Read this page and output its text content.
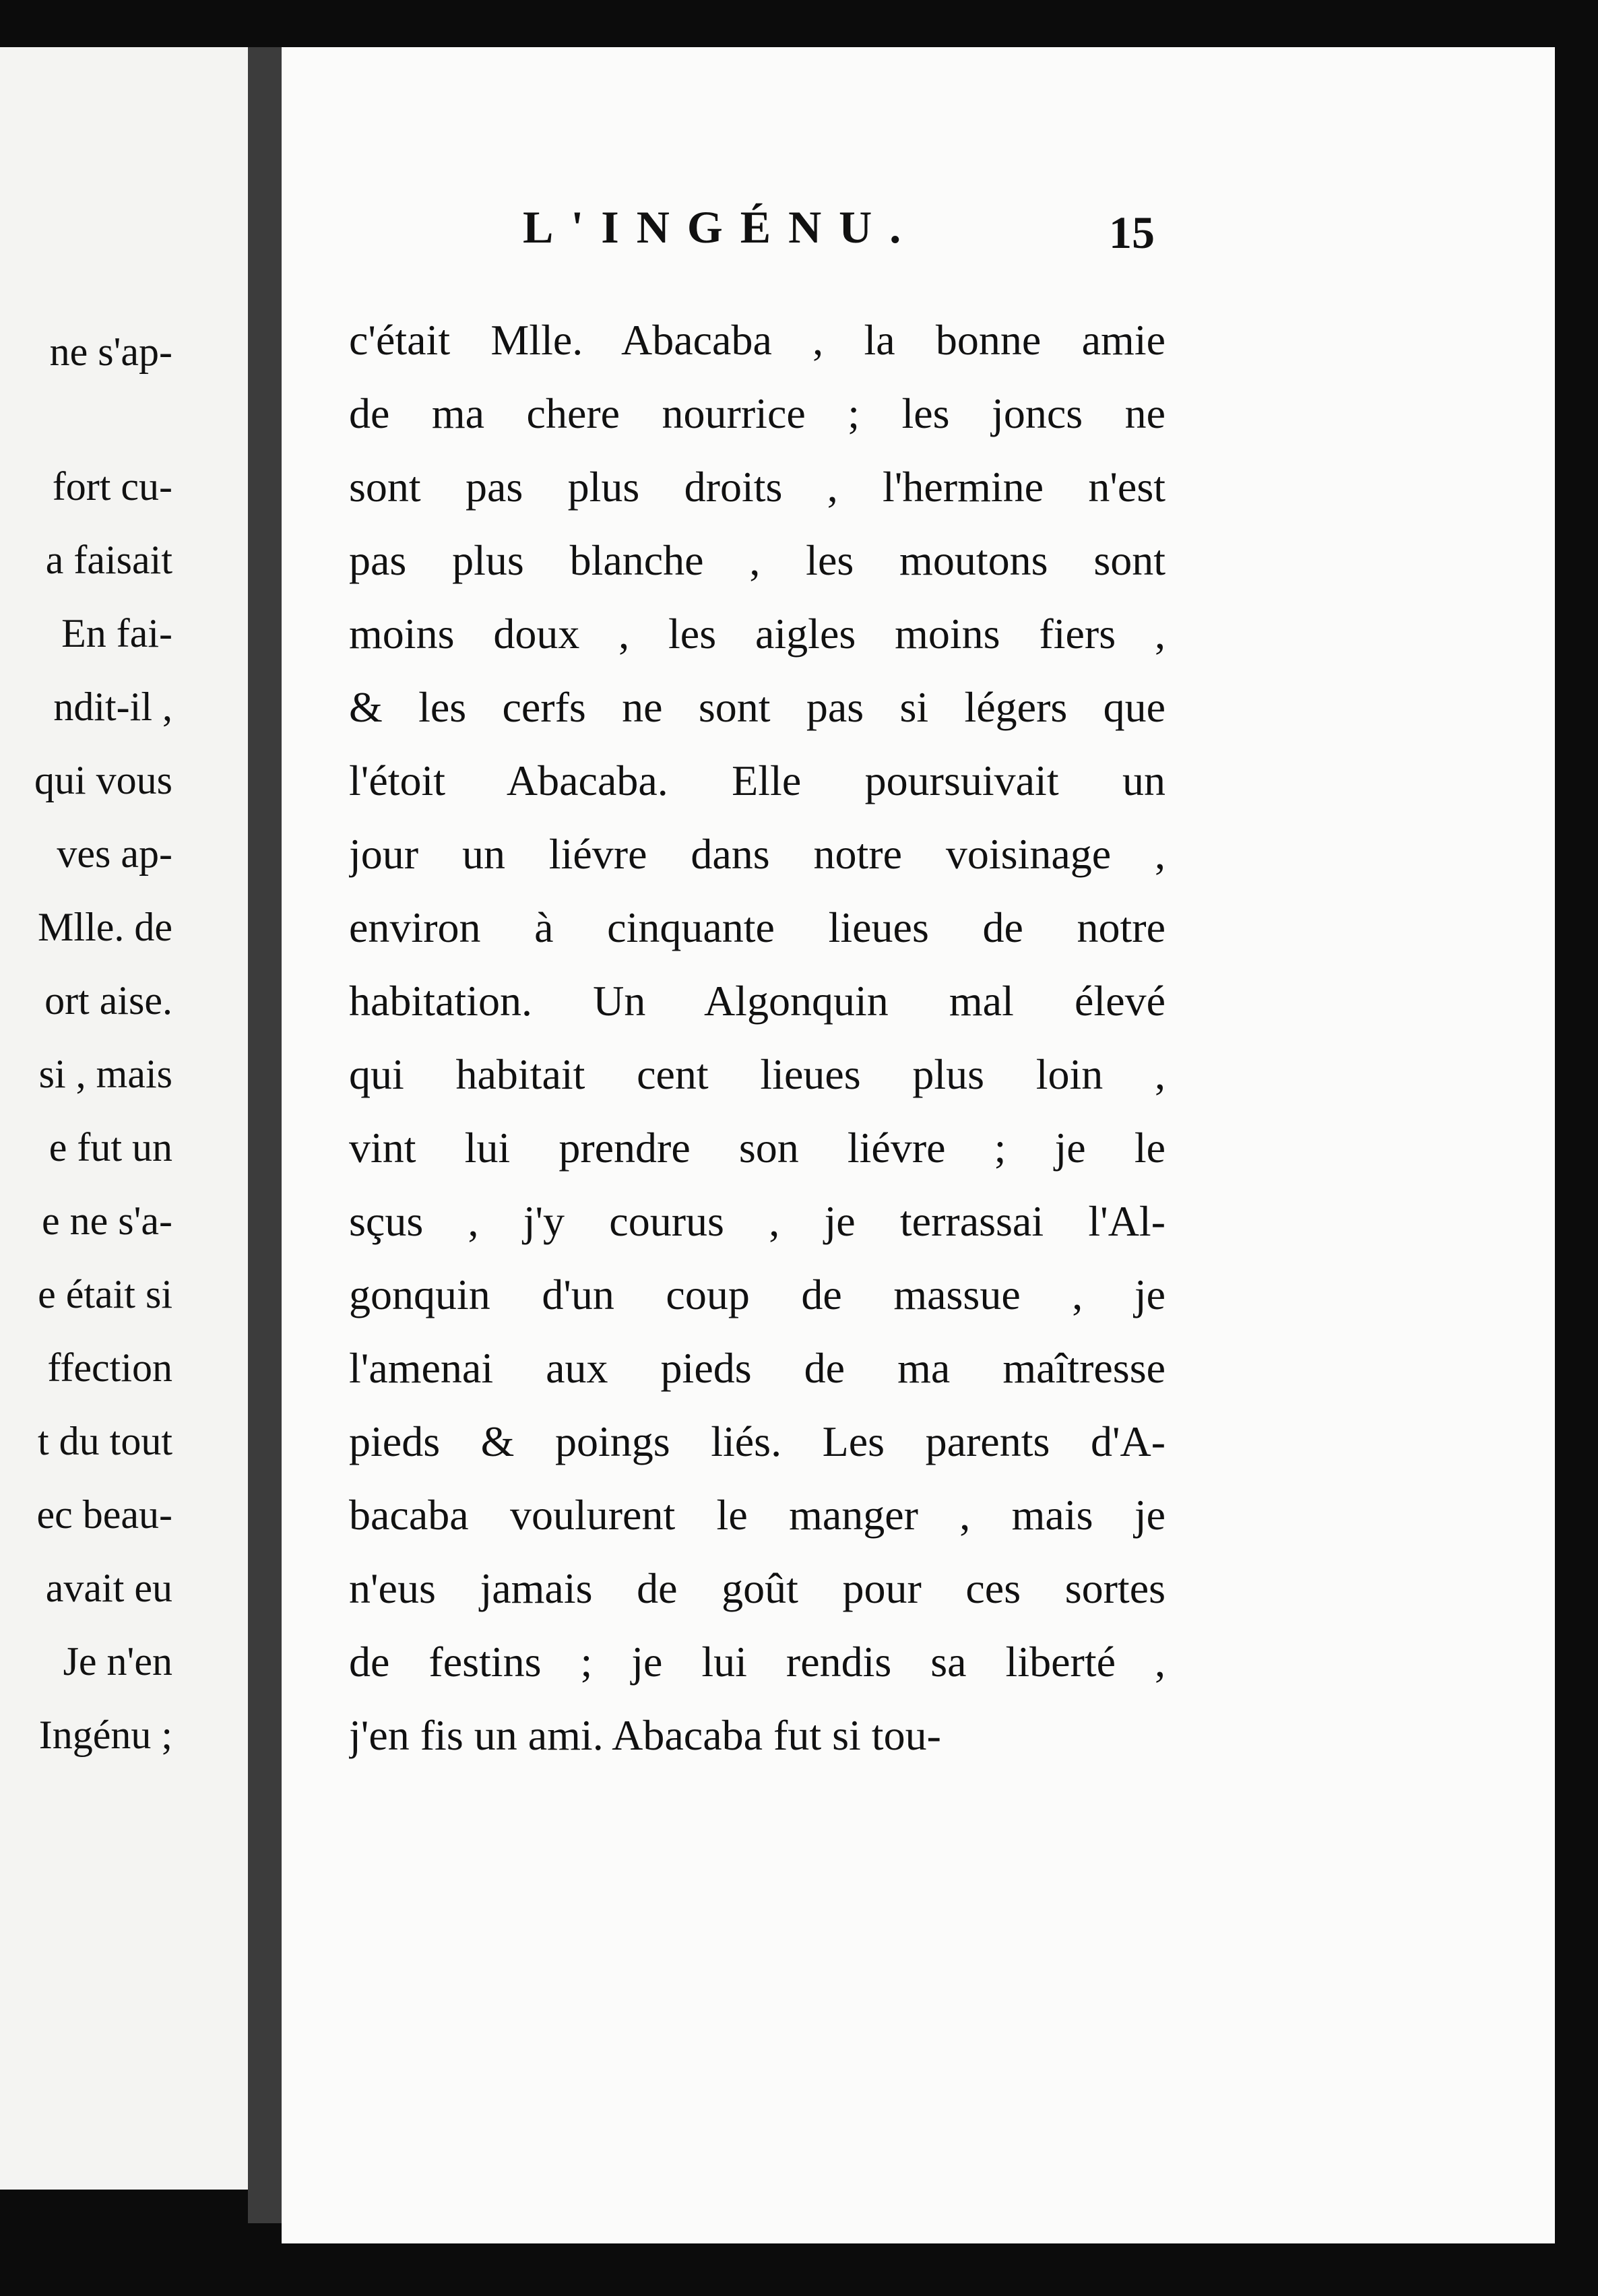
ne s'ap-
fort cu-
a faisait
En fai-
ndit-il ,
qui vous
ves ap-
Mlle. de
ort aise.
si , mais
e fut un
e ne s'a-
e était si
ffection
t du tout
ec beau-
avait eu
Je n'en
Ingénu ;
L'INGÉNU.	15
c'était Mlle. Abacaba , la bonne amie
de ma chere nourrice ; les joncs ne
sont pas plus droits , l'hermine n'est
pas plus blanche , les moutons sont
moins doux , les aigles moins fiers ,
& les cerfs ne sont pas si légers que
l'étoit Abacaba. Elle poursuivait un
jour un liévre dans notre voisinage ,
environ à cinquante lieues de notre
habitation. Un Algonquin mal élevé
qui habitait cent lieues plus loin ,
vint lui prendre son liévre ; je le
sçus , j'y courus , je terrassai l'Al-
gonquin d'un coup de massue , je
l'amenai aux pieds de ma maîtresse
pieds & poings liés. Les parents d'A-
bacaba voulurent le manger , mais je
n'eus jamais de goût pour ces sortes
de festins ; je lui rendis sa liberté ,
j'en fis un ami. Abacaba fut si tou-
